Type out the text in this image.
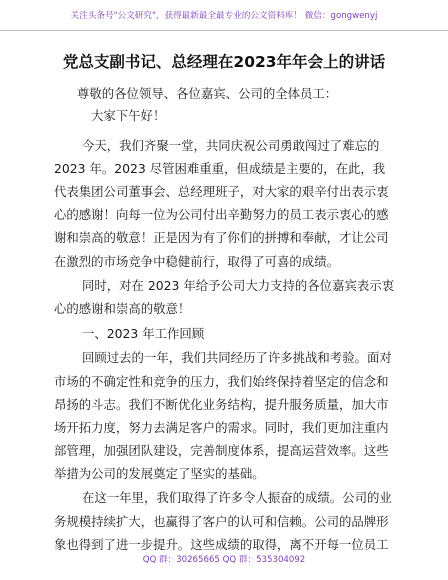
关注头条号"公文研究"，获得最新最全最专业的公文资料库！ 微信：gongwenyj
党总支副书记、总经理在2023年年会上的讲话
尊敬的各位领导、各位嘉宾、公司的全体员工：
大家下午好！
今天，我们齐聚一堂，共同庆祝公司勇敢闯过了难忘的
2023 年。2023 尽管困难重重，但成绩是主要的，在此，我
代表集团公司董事会、总经理班子，对大家的艰辛付出表示衷
心的感谢！向每一位为公司付出辛勤努力的员工表示衷心的感
谢和崇高的敬意！正是因为有了你们的拼搏和奉献，才让公司
在激烈的市场竞争中稳健前行，取得了可喜的成绩。
同时，对在 2023 年给予公司大力支持的各位嘉宾表示衷
心的感谢和崇高的敬意！
一、2023 年工作回顾
回顾过去的一年，我们共同经历了许多挑战和考验。面对
市场的不确定性和竞争的压力，我们始终保持着坚定的信念和
昂扬的斗志。我们不断优化业务结构，提升服务质量，加大市
场开拓力度，努力去满足客户的需求。同时，我们更加注重内
部管理，加强团队建设，完善制度体系，提高运营效率。这些
举措为公司的发展奠定了坚实的基础。
在这一年里，我们取得了许多令人振奋的成绩。公司的业
务规模持续扩大，也赢得了客户的认可和信赖。公司的品牌形
象也得到了进一步提升。这些成绩的取得，离不开每一位员工
QQ 群：30265665 QQ 群：535304092
